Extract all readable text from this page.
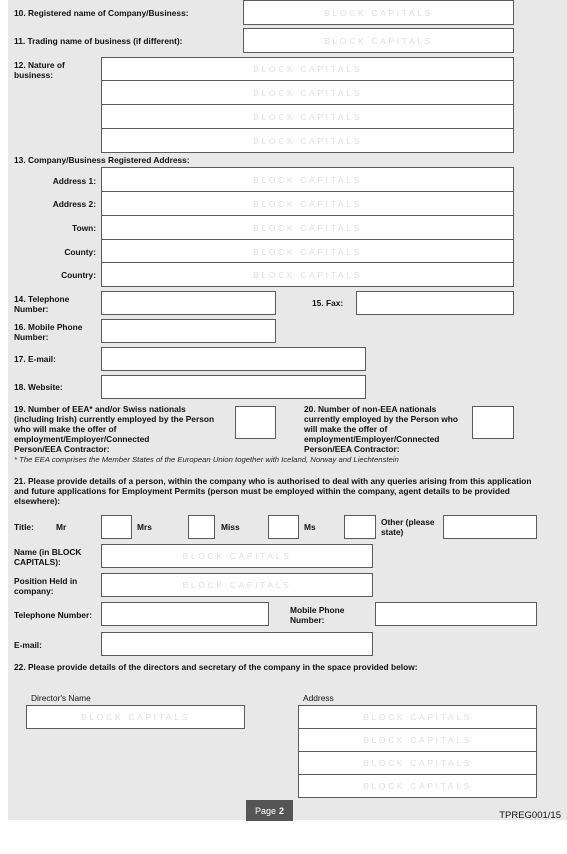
10. Registered name of Company/Business:	BLOCK CAPITALS
11. Trading name of business (if different):	BLOCK CAPITALS
12. Nature of
business:
BLOCK CAPITALS
BLOCK CAPITALS
BLOCK CAPITALS
BLOCK CAPITALS
13. Company/Business Registered Address:
Address 1:	BLOCK CAPITALS
Address 2:	BLOCK CAPITALS
Town:	BLOCK CAPITALS
County:	BLOCK CAPITALS
Country:	BLOCK CAPITALS
14. Telephone
Number:
15. Fax:
16. Mobile Phone
Number:
17. E-mail:
18. Website:
19. Number of EEA* and/or Swiss nationals
(including Irish) currently employed by the Person
who will make the offer of
employment/Employer/Connected
Person/EEA Contractor:
20. Number of non-EEA nationals
currently employed by the Person who
will make the offer of
employment/Employer/Connected
Person/EEA Contractor:
* The EEA comprises the Member States of the European Union together with Iceland, Norway and Liechtenstein
21. Please provide details of a person, within the company who is authorised to deal with any queries arising from this application
and future applications for Employment Permits (person must be employed within the company, agent details to be provided
elsewhere):
Title:	Mr	Mrs	Miss	Ms	Other (please
state)
Name (in BLOCK
CAPITALS):
BLOCK CAPITALS
Position Held in
company:
BLOCK CAPITALS
Telephone Number:	Mobile Phone
Number:
E-mail:
22. Please provide details of the directors and secretary of the company in the space provided below:
Director's Name	Address
BLOCK CAPITALS	BLOCK CAPITALS
BLOCK CAPITALS
BLOCK CAPITALS
BLOCK CAPITALS
Page 2	TPREG001/15
